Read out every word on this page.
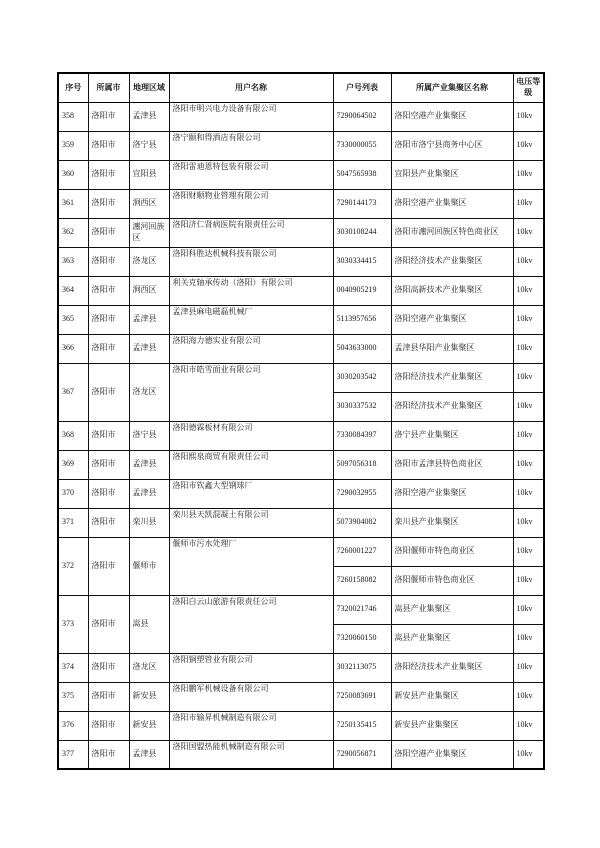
序号	所属市	地理区域	用户名称	户号列表	所属产业集聚区名称	电压等级
358	洛阳市	孟津县	洛阳市明兴电力设备有限公司	7290064502	洛阳空港产业集聚区	10kv
359	洛阳市	洛宁县	洛宁颐和得酒店有限公司	7330000055	洛阳市洛宁县商务中心区	10kv
360	洛阳市	宜阳县	洛阳雷迪恩特包装有限公司	5047565938	宜阳县产业集聚区	10kv
361	洛阳市	涧西区	洛阳财顺物业管理有限公司	7290144173	洛阳空港产业集聚区	10kv
362	洛阳市	瀍河回族区	洛阳济仁肾病医院有限责任公司	3030108244	洛阳市瀍河回族区特色商业区	10kv
363	洛阳市	洛龙区	洛阳科胜达机械科技有限公司	3030334415	洛阳经济技术产业集聚区	10kv
364	洛阳市	涧西区	利关克轴承传动（洛阳）有限公司	0040905219	洛阳高新技术产业集聚区	10kv
365	洛阳市	孟津县	孟津县麻电磁磊机械厂	5113957656	洛阳空港产业集聚区	10kv
366	洛阳市	孟津县	洛阳海力德实业有限公司	5043633000	孟津县华阳产业集聚区	10kv
367	洛阳市	洛龙区	洛阳市皓雪面业有限公司	3030203542	洛阳经济技术产业集聚区	10kv
				3030337532	洛阳经济技术产业集聚区	10kv
368	洛阳市	洛宁县	洛阳德霖板材有限公司	7330084397	洛宁县产业集聚区	10kv
369	洛阳市	孟津县	洛阳熙泉商贸有限责任公司	5097056318	洛阳市孟津县特色商业区	10kv
370	洛阳市	孟津县	洛阳市钦鑫大型钢球厂	7290032955	洛阳空港产业集聚区	10kv
371	洛阳市	栾川县	栾川县天凯混凝土有限公司	5073904082	栾川县产业集聚区	10kv
372	洛阳市	偃师市	偃师市污水处理厂	7260001227	洛阳偃师市特色商业区	10kv
				7260158082	洛阳偃师市特色商业区	10kv
373	洛阳市	嵩县	洛阳白云山旅游有限责任公司	7320021746	嵩县产业集聚区	10kv
				7320060150	嵩县产业集聚区	10kv
374	洛阳市	洛龙区	洛阳铜塑管业有限公司	3032113075	洛阳经济技术产业集聚区	10kv
375	洛阳市	新安县	洛阳鹏军机械设备有限公司	7250083691	新安县产业集聚区	10kv
376	洛阳市	新安县	洛阳市输昇机械制造有限公司	7250135415	新安县产业集聚区	10kv
377	洛阳市	孟津县	洛阳国盟热能机械制造有限公司	7290056871	洛阳空港产业集聚区	10kv
